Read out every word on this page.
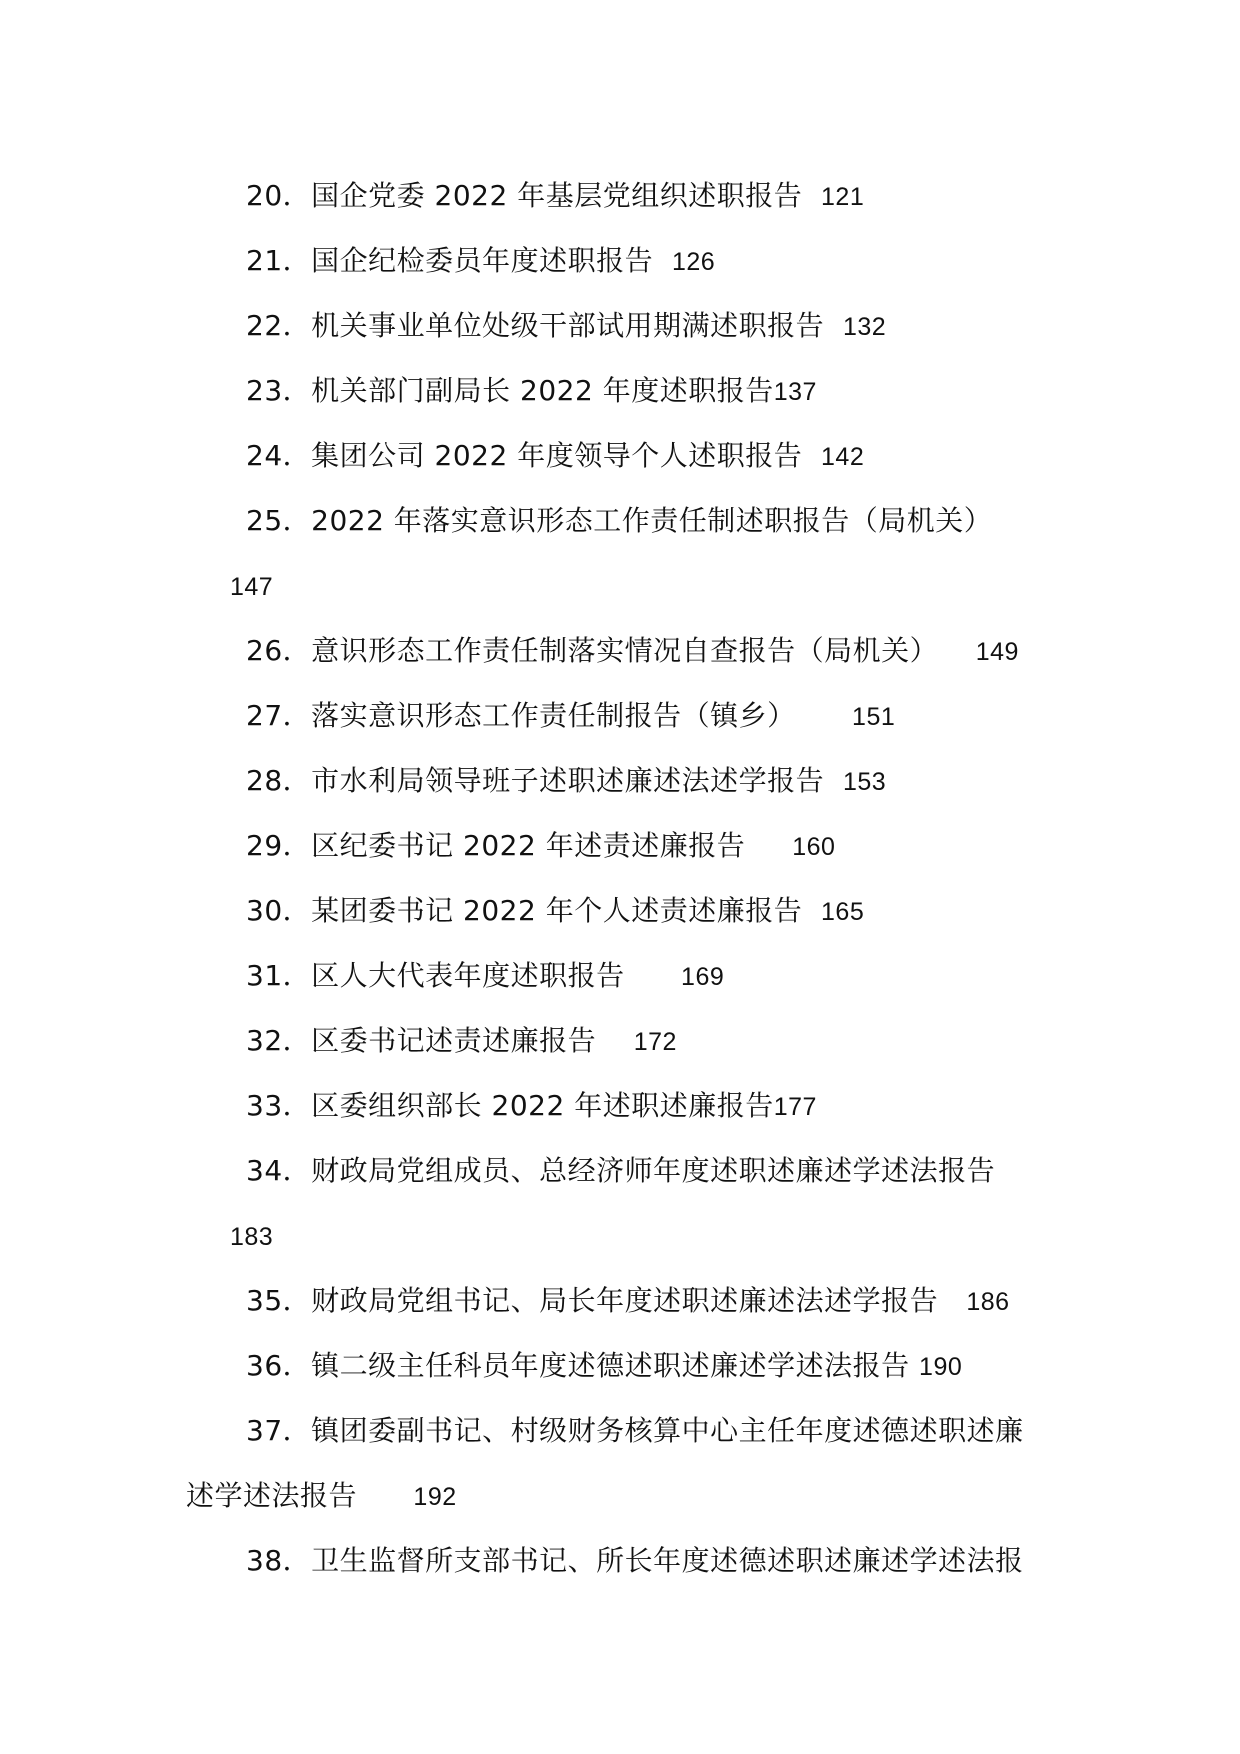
20．国企党委 2022 年基层党组织述职报告 121
21．国企纪检委员年度述职报告 126
22．机关事业单位处级干部试用期满述职报告 132
23．机关部门副局长 2022 年度述职报告137
24．集团公司 2022 年度领导个人述职报告 142
25．2022 年落实意识形态工作责任制述职报告（局机关）
147
26．意识形态工作责任制落实情况自查报告（局机关） 149
27．落实意识形态工作责任制报告（镇乡） 151
28．市水利局领导班子述职述廉述法述学报告 153
29．区纪委书记 2022 年述责述廉报告 160
30．某团委书记 2022 年个人述责述廉报告 165
31．区人大代表年度述职报告 169
32．区委书记述责述廉报告 172
33．区委组织部长 2022 年述职述廉报告177
34．财政局党组成员、总经济师年度述职述廉述学述法报告
183
35．财政局党组书记、局长年度述职述廉述法述学报告 186
36．镇二级主任科员年度述德述职述廉述学述法报告 190
37．镇团委副书记、村级财务核算中心主任年度述德述职述廉
述学述法报告 192
38．卫生监督所支部书记、所长年度述德述职述廉述学述法报
